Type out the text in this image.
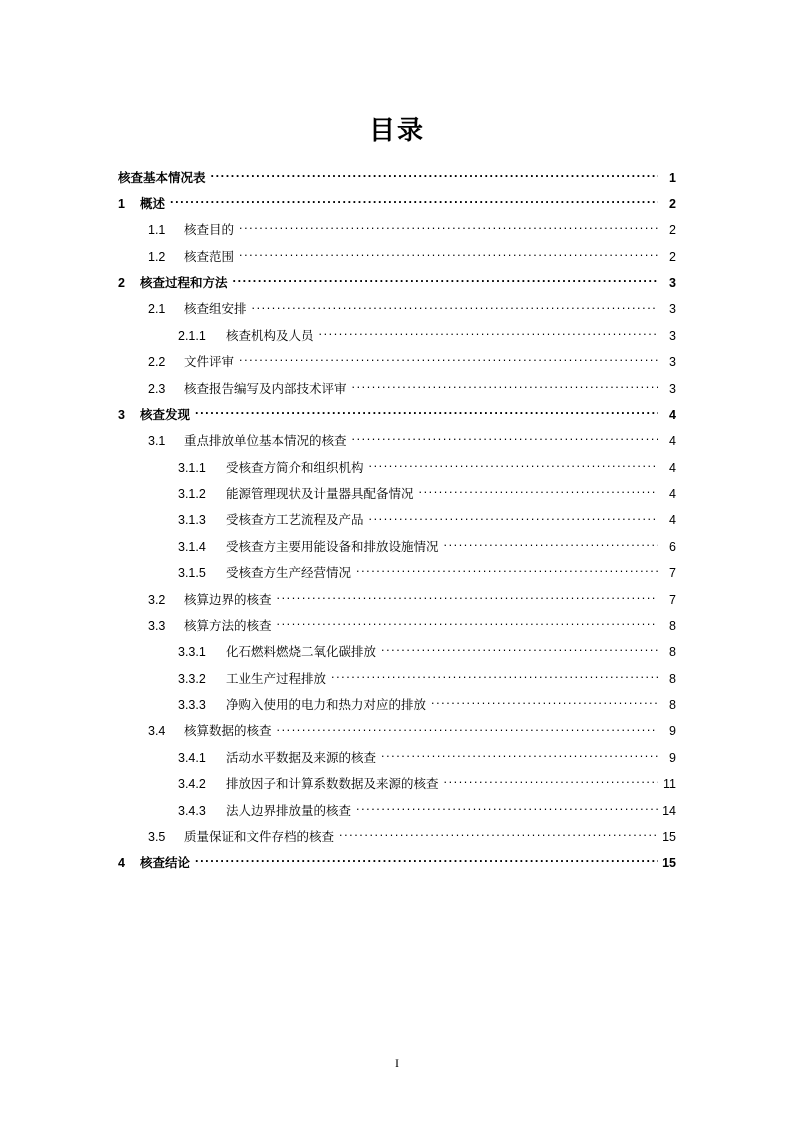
目录
核查基本情况表 .....	1
1	概述 .....	2
1.1	核查目的 .....	2
1.2	核查范围 .....	2
2	核查过程和方法 .....	3
2.1	核查组安排 .....	3
2.1.1	核查机构及人员 .....	3
2.2	文件评审 .....	3
2.3	核查报告编写及内部技术评审 .....	3
3	核查发现 .....	4
3.1	重点排放单位基本情况的核查 .....	4
3.1.1	受核查方简介和组织机构 .....	4
3.1.2	能源管理现状及计量器具配备情况 .....	4
3.1.3	受核查方工艺流程及产品 .....	4
3.1.4	受核查方主要用能设备和排放设施情况 .....	6
3.1.5	受核查方生产经营情况 .....	7
3.2	核算边界的核查 .....	7
3.3	核算方法的核查 .....	8
3.3.1	化石燃料燃烧二氧化碳排放 .....	8
3.3.2	工业生产过程排放 .....	8
3.3.3	净购入使用的电力和热力对应的排放 .....	8
3.4	核算数据的核查 .....	9
3.4.1	活动水平数据及来源的核查 .....	9
3.4.2	排放因子和计算系数数据及来源的核查 .....	11
3.4.3	法人边界排放量的核查 .....	14
3.5	质量保证和文件存档的核查 .....	15
4	核查结论 .....	15
I
